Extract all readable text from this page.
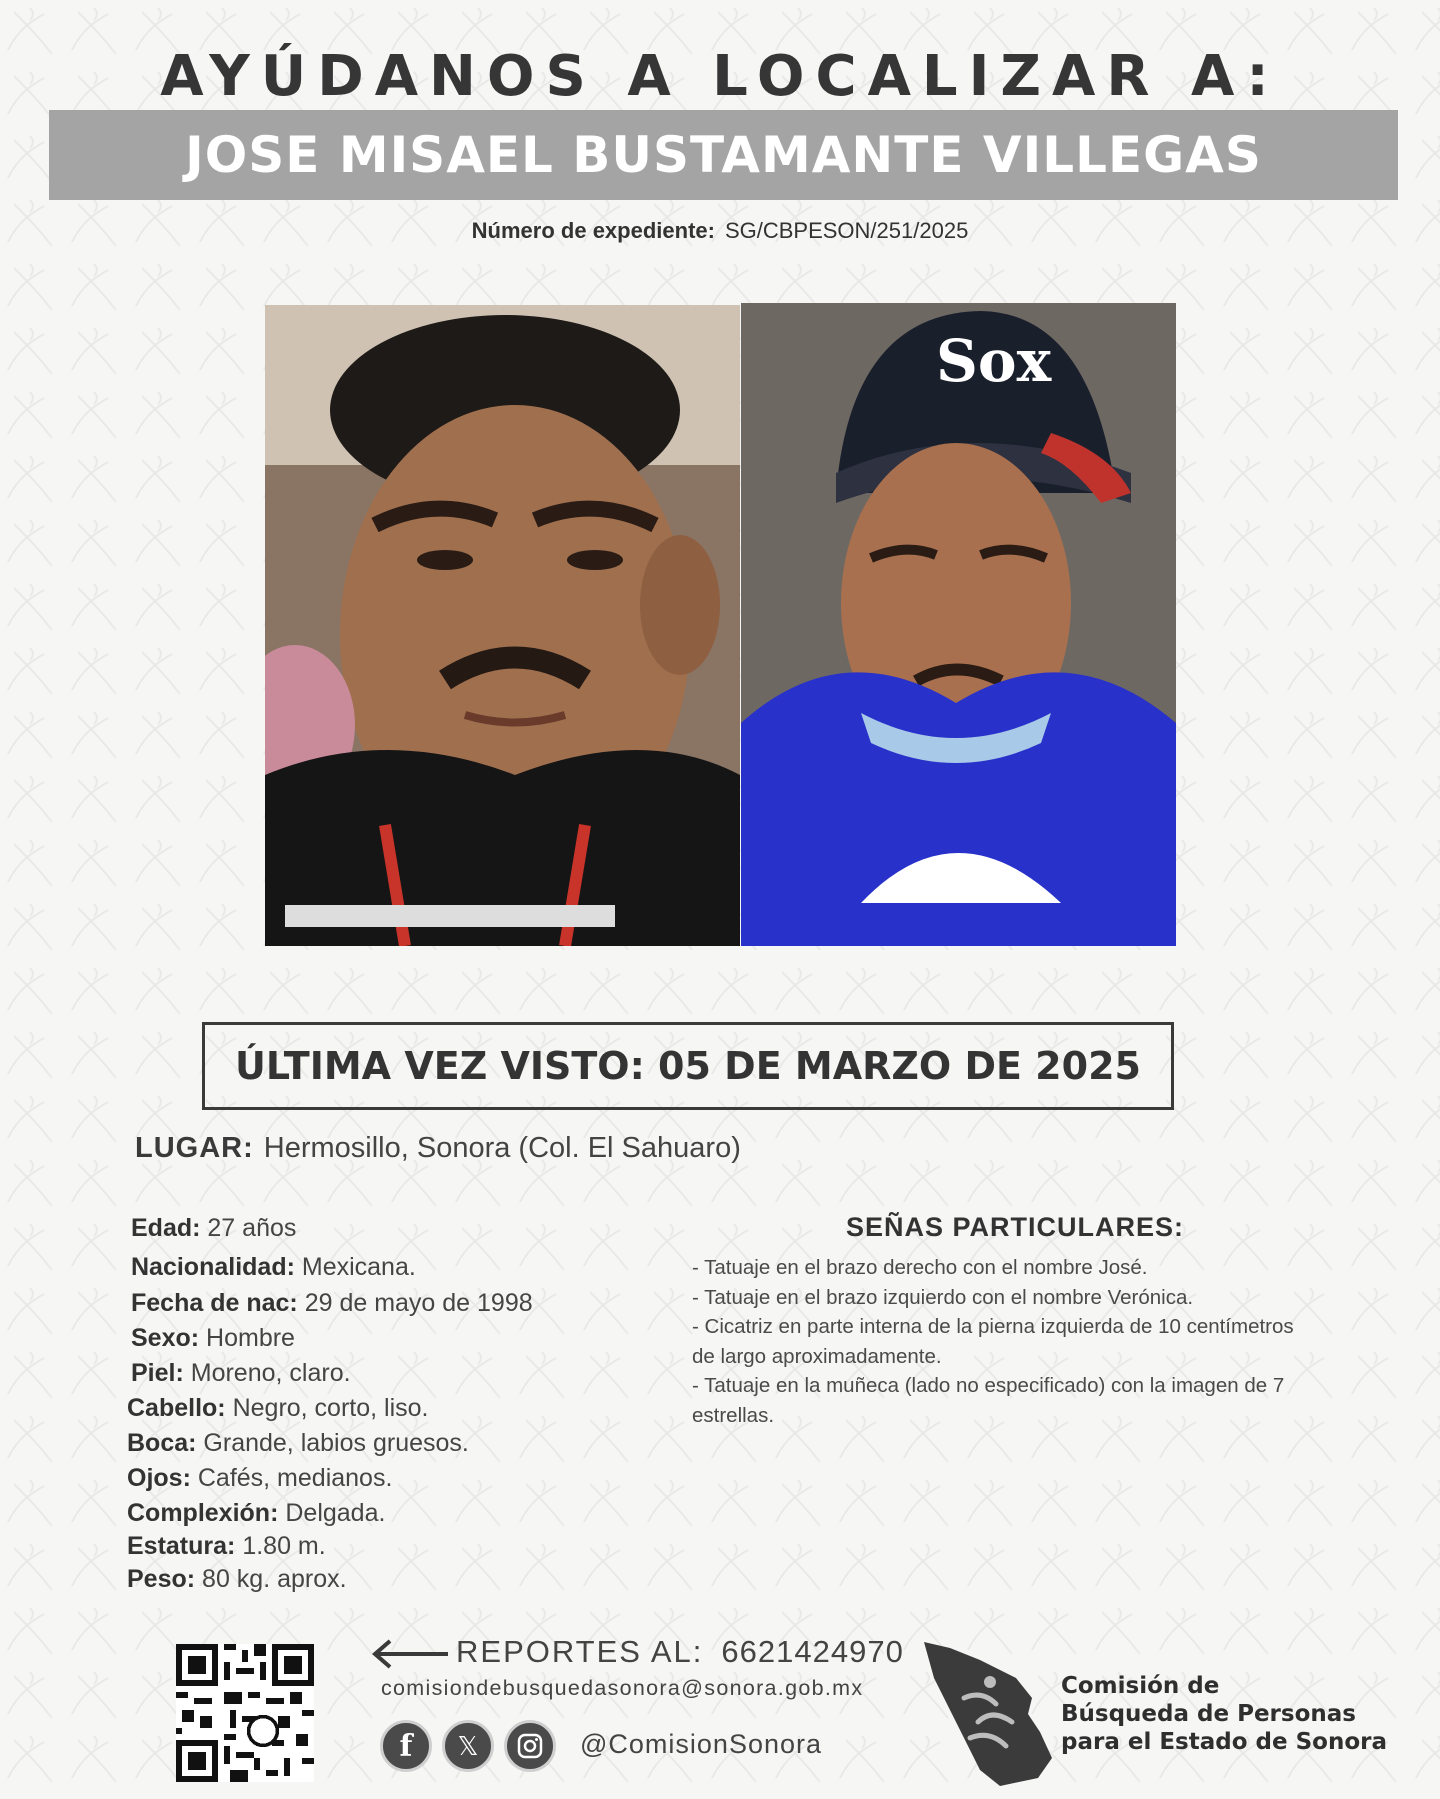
AYÚDANOS A LOCALIZAR A:
JOSE MISAEL BUSTAMANTE VILLEGAS
Número de expediente: SG/CBPESON/251/2025
Sox
ÚLTIMA VEZ VISTO: 05 DE MARZO DE 2025
LUGAR: Hermosillo, Sonora (Col. El Sahuaro)
Edad: 27 años
Nacionalidad: Mexicana.
Fecha de nac: 29 de mayo de 1998
Sexo: Hombre
Piel: Moreno, claro.
Cabello: Negro, corto, liso.
Boca: Grande, labios gruesos.
Ojos: Cafés, medianos.
Complexión: Delgada.
Estatura: 1.80 m.
Peso: 80 kg. aprox.
SEÑAS PARTICULARES:
- Tatuaje en el brazo derecho con el nombre José.
- Tatuaje en el brazo izquierdo con el nombre Verónica.
- Cicatriz en parte interna de la pierna izquierda de 10 centímetros
de largo aproximadamente.
- Tatuaje en la muñeca (lado no especificado) con la imagen de 7
estrellas.
REPORTES AL: 6621424970
comisiondebusquedasonora@sonora.gob.mx
f	𝕏	@ComisionSonora
Comisión de
Búsqueda de Personas
para el Estado de Sonora
